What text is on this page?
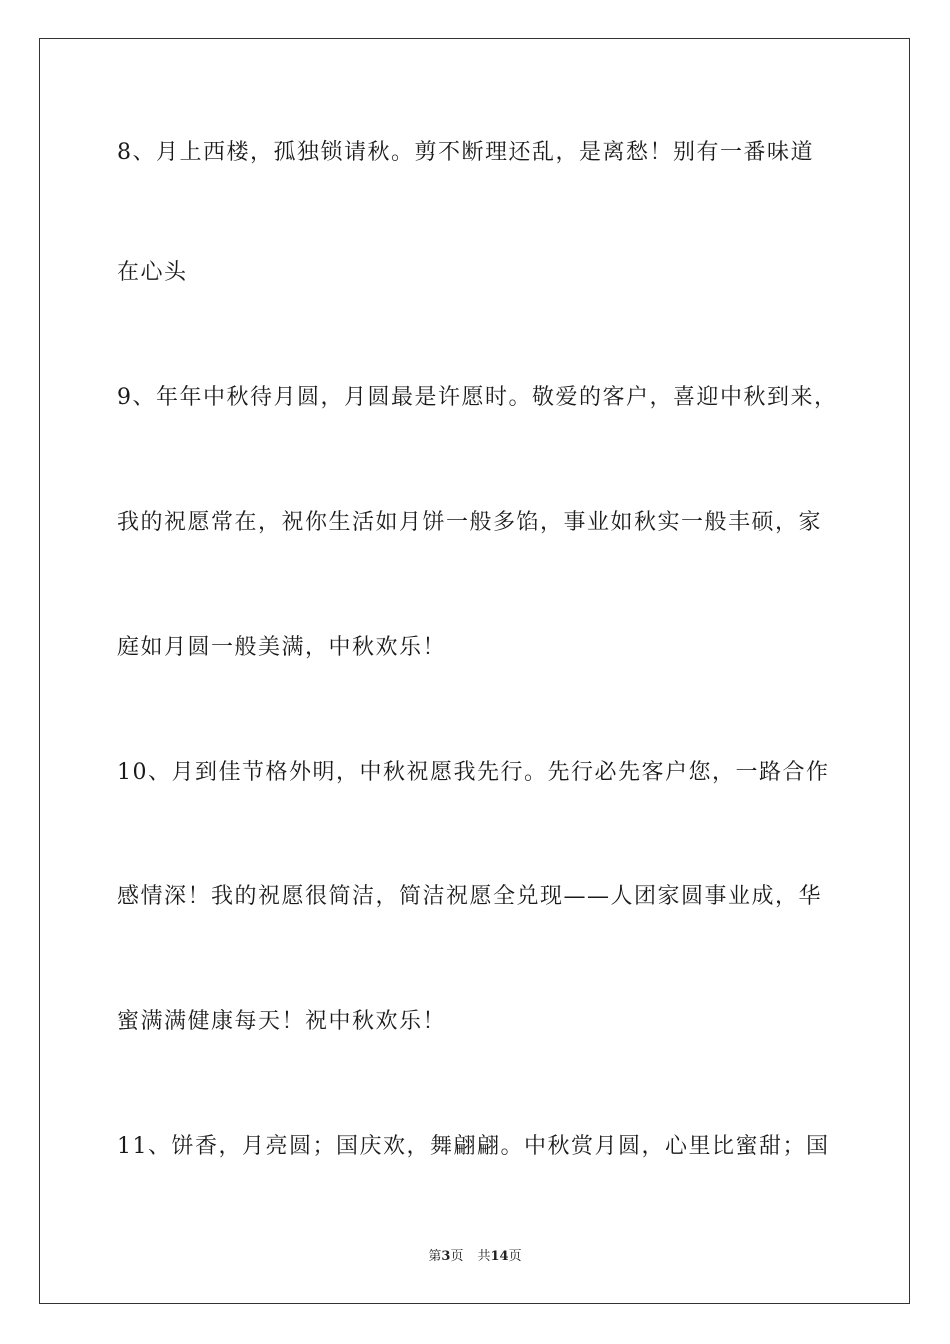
8、月上西楼，孤独锁请秋。剪不断理还乱，是离愁！别有一番味道
在心头
9、年年中秋待月圆，月圆最是许愿时。敬爱的客户，喜迎中秋到来，
我的祝愿常在，祝你生活如月饼一般多馅，事业如秋实一般丰硕，家
庭如月圆一般美满，中秋欢乐！
10、月到佳节格外明，中秋祝愿我先行。先行必先客户您，一路合作
感情深！我的祝愿很简洁，简洁祝愿全兑现——人团家圆事业成，华
蜜满满健康每天！祝中秋欢乐！
11、饼香，月亮圆；国庆欢，舞翩翩。中秋赏月圆，心里比蜜甜；国
第3页 共14页
